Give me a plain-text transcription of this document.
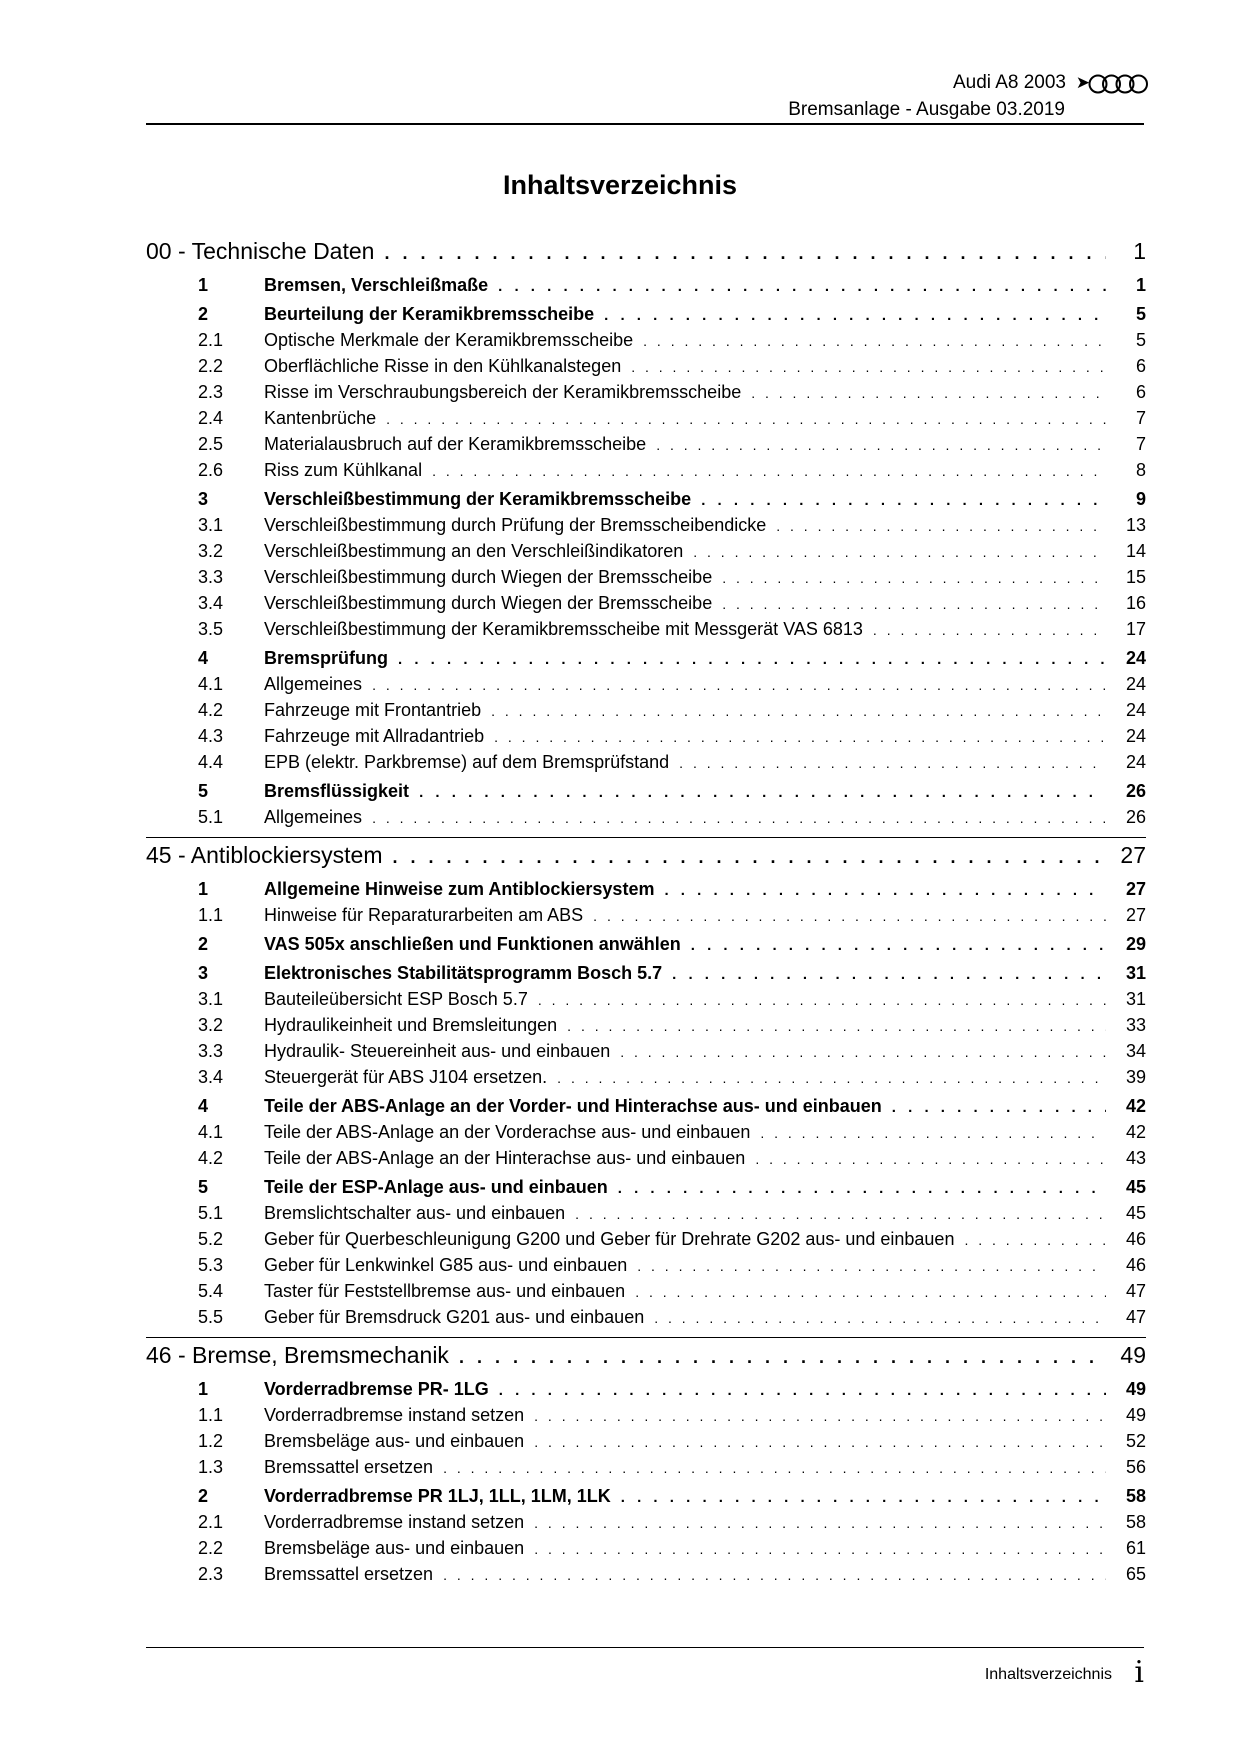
Audi A8 2003 ➤
Bremsanlage - Ausgabe 03.2019
Inhaltsverzeichnis
00 - Technische Daten . . .	1
1	Bremsen, Verschleißmaße . . .	1
2	Beurteilung der Keramikbremsscheibe . . .	5
2.1	Optische Merkmale der Keramikbremsscheibe . . .	5
2.2	Oberflächliche Risse in den Kühlkanalstegen . . .	6
2.3	Risse im Verschraubungsbereich der Keramikbremsscheibe . . .	6
2.4	Kantenbrüche . . .	7
2.5	Materialausbruch auf der Keramikbremsscheibe . . .	7
2.6	Riss zum Kühlkanal . . .	8
3	Verschleißbestimmung der Keramikbremsscheibe . . .	9
3.1	Verschleißbestimmung durch Prüfung der Bremsscheibendicke . . .	13
3.2	Verschleißbestimmung an den Verschleißindikatoren . . .	14
3.3	Verschleißbestimmung durch Wiegen der Bremsscheibe . . .	15
3.4	Verschleißbestimmung durch Wiegen der Bremsscheibe . . .	16
3.5	Verschleißbestimmung der Keramikbremsscheibe mit Messgerät VAS 6813 . . .	17
4	Bremsprüfung . . .	24
4.1	Allgemeines . . .	24
4.2	Fahrzeuge mit Frontantrieb . . .	24
4.3	Fahrzeuge mit Allradantrieb . . .	24
4.4	EPB (elektr. Parkbremse) auf dem Bremsprüfstand . . .	24
5	Bremsflüssigkeit . . .	26
5.1	Allgemeines . . .	26
45 - Antiblockiersystem . . .	27
1	Allgemeine Hinweise zum Antiblockiersystem . . .	27
1.1	Hinweise für Reparaturarbeiten am ABS . . .	27
2	VAS 505x anschließen und Funktionen anwählen . . .	29
3	Elektronisches Stabilitätsprogramm Bosch 5.7 . . .	31
3.1	Bauteileübersicht ESP Bosch 5.7 . . .	31
3.2	Hydraulikeinheit und Bremsleitungen . . .	33
3.3	Hydraulik- Steuereinheit aus- und einbauen . . .	34
3.4	Steuergerät für ABS J104 ersetzen. . . .	39
4	Teile der ABS-Anlage an der Vorder- und Hinterachse aus- und einbauen . . .	42
4.1	Teile der ABS-Anlage an der Vorderachse aus- und einbauen . . .	42
4.2	Teile der ABS-Anlage an der Hinterachse aus- und einbauen . . .	43
5	Teile der ESP-Anlage aus- und einbauen . . .	45
5.1	Bremslichtschalter aus- und einbauen . . .	45
5.2	Geber für Querbeschleunigung G200 und Geber für Drehrate G202 aus- und einbauen . . .	46
5.3	Geber für Lenkwinkel G85 aus- und einbauen . . .	46
5.4	Taster für Feststellbremse aus- und einbauen . . .	47
5.5	Geber für Bremsdruck G201 aus- und einbauen . . .	47
46 - Bremse, Bremsmechanik . . .	49
1	Vorderradbremse PR- 1LG . . .	49
1.1	Vorderradbremse instand setzen . . .	49
1.2	Bremsbeläge aus- und einbauen . . .	52
1.3	Bremssattel ersetzen . . .	56
2	Vorderradbremse PR 1LJ, 1LL, 1LM, 1LK . . .	58
2.1	Vorderradbremse instand setzen . . .	58
2.2	Bremsbeläge aus- und einbauen . . .	61
2.3	Bremssattel ersetzen . . .	65
Inhaltsverzeichnis i
